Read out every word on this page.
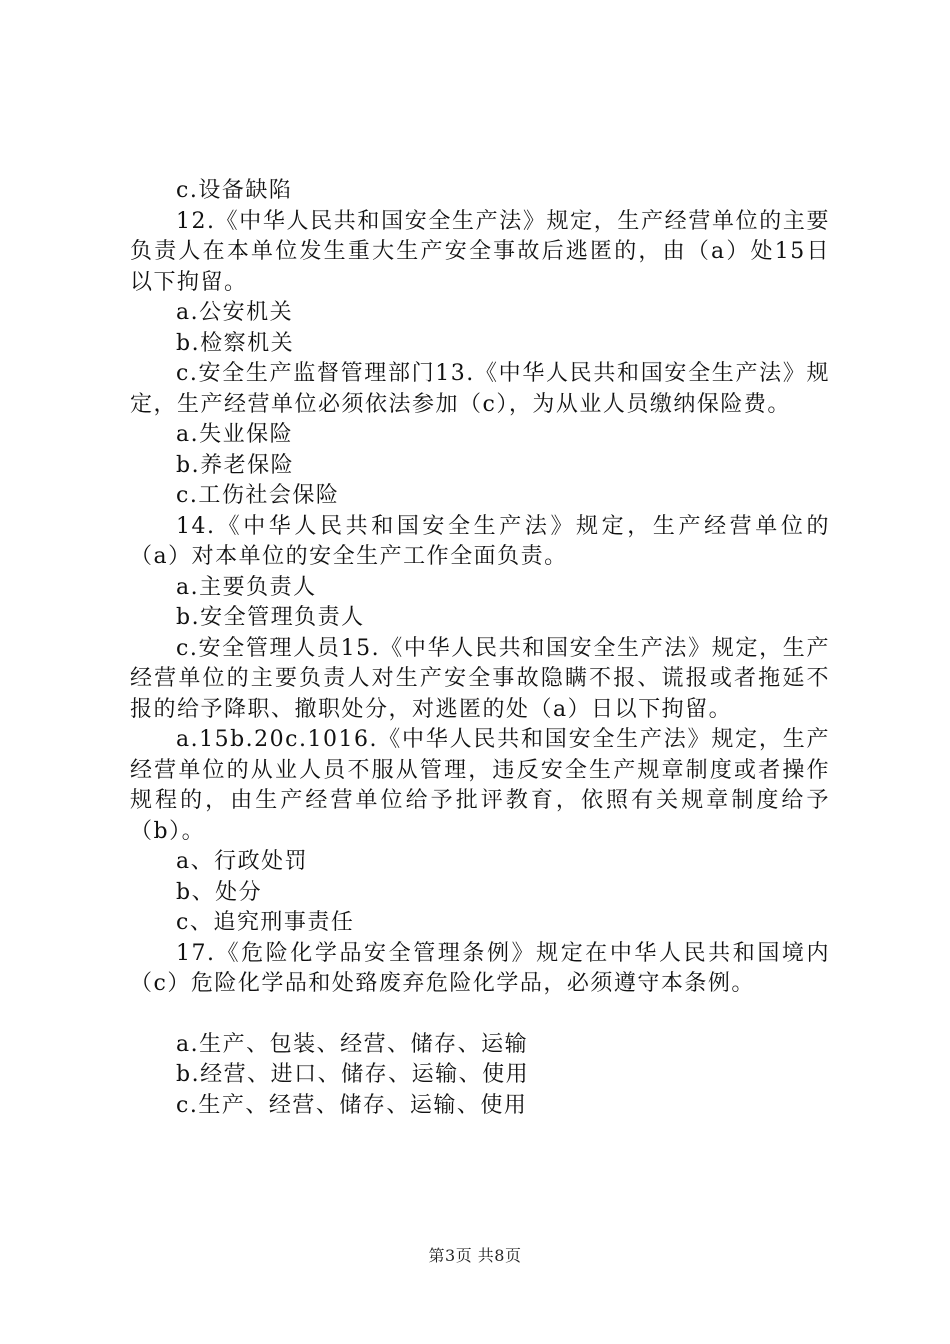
c.设备缺陷

12.《中华人民共和国安全生产法》规定，生产经营单位的主要负责人在本单位发生重大生产安全事故后逃匿的，由（a）处15日以下拘留。

a.公安机关

b.检察机关

c.安全生产监督管理部门13.《中华人民共和国安全生产法》规定，生产经营单位必须依法参加（c），为从业人员缴纳保险费。

a.失业保险

b.养老保险

c.工伤社会保险

14.《中华人民共和国安全生产法》规定，生产经营单位的（a）对本单位的安全生产工作全面负责。

a.主要负责人

b.安全管理负责人

c.安全管理人员15.《中华人民共和国安全生产法》规定，生产经营单位的主要负责人对生产安全事故隐瞒不报、谎报或者拖延不报的给予降职、撤职处分，对逃匿的处（a）日以下拘留。

a.15b.20c.1016.《中华人民共和国安全生产法》规定，生产经营单位的从业人员不服从管理，违反安全生产规章制度或者操作规程的，由生产经营单位给予批评教育，依照有关规章制度给予（b）。

a、行政处罚

b、处分

c、追究刑事责任

17.《危险化学品安全管理条例》规定在中华人民共和国境内（c）危险化学品和处臵废弃危险化学品，必须遵守本条例。

a.生产、包装、经营、储存、运输

b.经营、进口、储存、运输、使用

c.生产、经营、储存、运输、使用

第3页 共8页
